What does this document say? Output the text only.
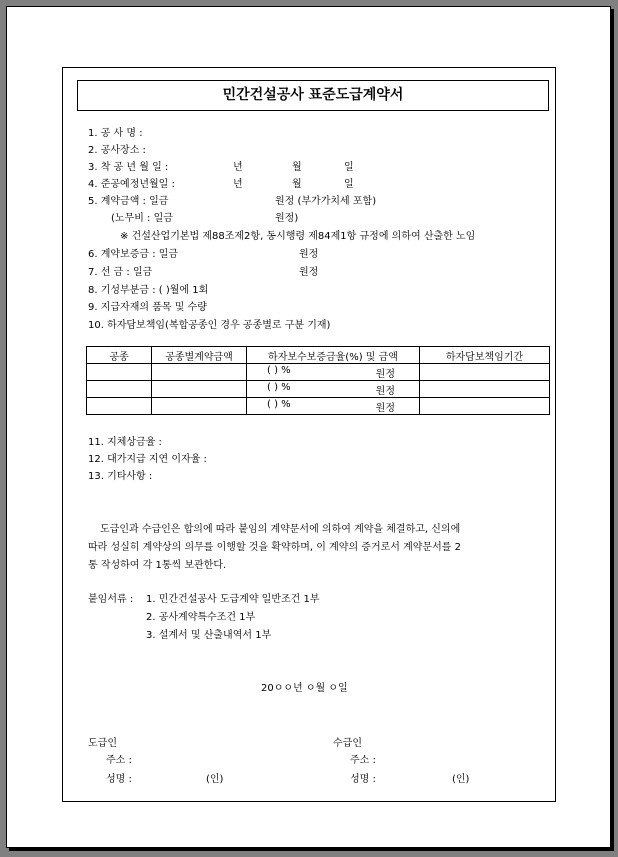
민간건설공사 표준도급계약서
1. 공 사 명 :
2. 공사장소 :
3. 착 공 년 월 일 :	년	월	일
4. 준공예정년월일 :	년	월	일
5. 계약금액 : 일금	원정 (부가가치세 포함)
(노무비 : 일금	원정)
※ 건설산업기본법 제88조제2항, 동시행령 제84제1항 규정에 의하여 산출한 노임
6. 계약보증금 : 일금	원정
7. 선 금 : 일금	원정
8. 기성부분금 : ( )월에 1회
9. 지급자재의 품목 및 수량
10. 하자담보책임(복합공종인 경우 공종별로 구분 기재)
공종	공종별계약금액	하자보수보증금율(%) 및 금액	하자담보책임기간
		( ) % 원정	

		( ) % 원정	

		( ) % 원정	

11. 지체상금율 :
12. 대가지급 지연 이자율 :
13. 기타사항 :
도급인과 수급인은 합의에 따라 붙임의 계약문서에 의하여 계약을 체결하고, 신의에
따라 성실히 계약상의 의무를 이행할 것을 확약하며, 이 계약의 증거로서 계약문서를 2
통 작성하여 각 1통씩 보관한다.
붙임서류 : 1. 민간건설공사 도급계약 일반조건 1부
2. 공사계약특수조건 1부
3. 설계서 및 산출내역서 1부
20ㅇㅇ년 ㅇ월 ㅇ일
도급인
주소 :
성명 :	(인)
수급인
주소 :
성명 :	(인)
